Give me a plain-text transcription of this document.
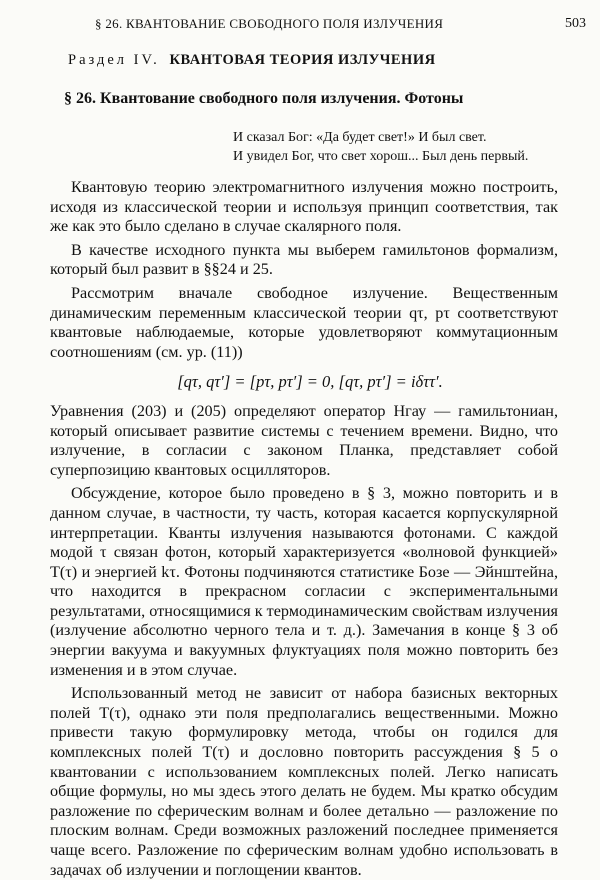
§ 26. КВАНТОВАНИЕ СВОБОДНОГО ПОЛЯ ИЗЛУЧЕНИЯ	503
Раздел IV. КВАНТОВАЯ ТЕОРИЯ ИЗЛУЧЕНИЯ
§ 26. Квантование свободного поля излучения. Фотоны
И сказал Бог: «Да будет свет!» И был свет.
И увидел Бог, что свет хорош... Был день первый.

Квантовую теорию электромагнитного излучения можно построить, исходя из классической теории и используя принцип соответствия, так же как это было сделано в случае скалярного поля.

В качестве исходного пункта мы выберем гамильтонов формализм, который был развит в §§24 и 25.

Рассмотрим вначале свободное излучение. Вещественным динамическим переменным классической теории qτ, pτ соответствуют квантовые наблюдаемые, которые удовлетворяют коммутационным соотношениям (см. ур. (11))

[qτ, qτ′] = [pτ, pτ′] = 0, [qτ, pτ′] = iδττ′.

Уравнения (203) и (205) определяют оператор Hгау — гамильтониан, который описывает развитие системы с течением времени. Видно, что излучение, в согласии с законом Планка, представляет собой суперпозицию квантовых осцилляторов.

Обсуждение, которое было проведено в § 3, можно повторить и в данном случае, в частности, ту часть, которая касается корпускулярной интерпретации. Кванты излучения называются фотонами. С каждой модой τ связан фотон, который характеризуется «волновой функцией» T(τ) и энергией kτ. Фотоны подчиняются статистике Бозе — Эйнштейна, что находится в прекрасном согласии с экспериментальными результатами, относящимися к термодинамическим свойствам излучения (излучение абсолютно черного тела и т. д.). Замечания в конце § 3 об энергии вакуума и вакуумных флуктуациях поля можно повторить без изменения и в этом случае.

Использованный метод не зависит от набора базисных векторных полей T(τ), однако эти поля предполагались вещественными. Можно привести такую формулировку метода, чтобы он годился для комплексных полей T(τ) и дословно повторить рассуждения § 5 о квантовании с использованием комплексных полей. Легко написать общие формулы, но мы здесь этого делать не будем. Мы кратко обсудим разложение по сферическим волнам и более детально — разложение по плоским волнам. Среди возможных разложений последнее применяется чаще всего. Разложение по сферическим волнам удобно использовать в задачах об излучении и поглощении квантов.
